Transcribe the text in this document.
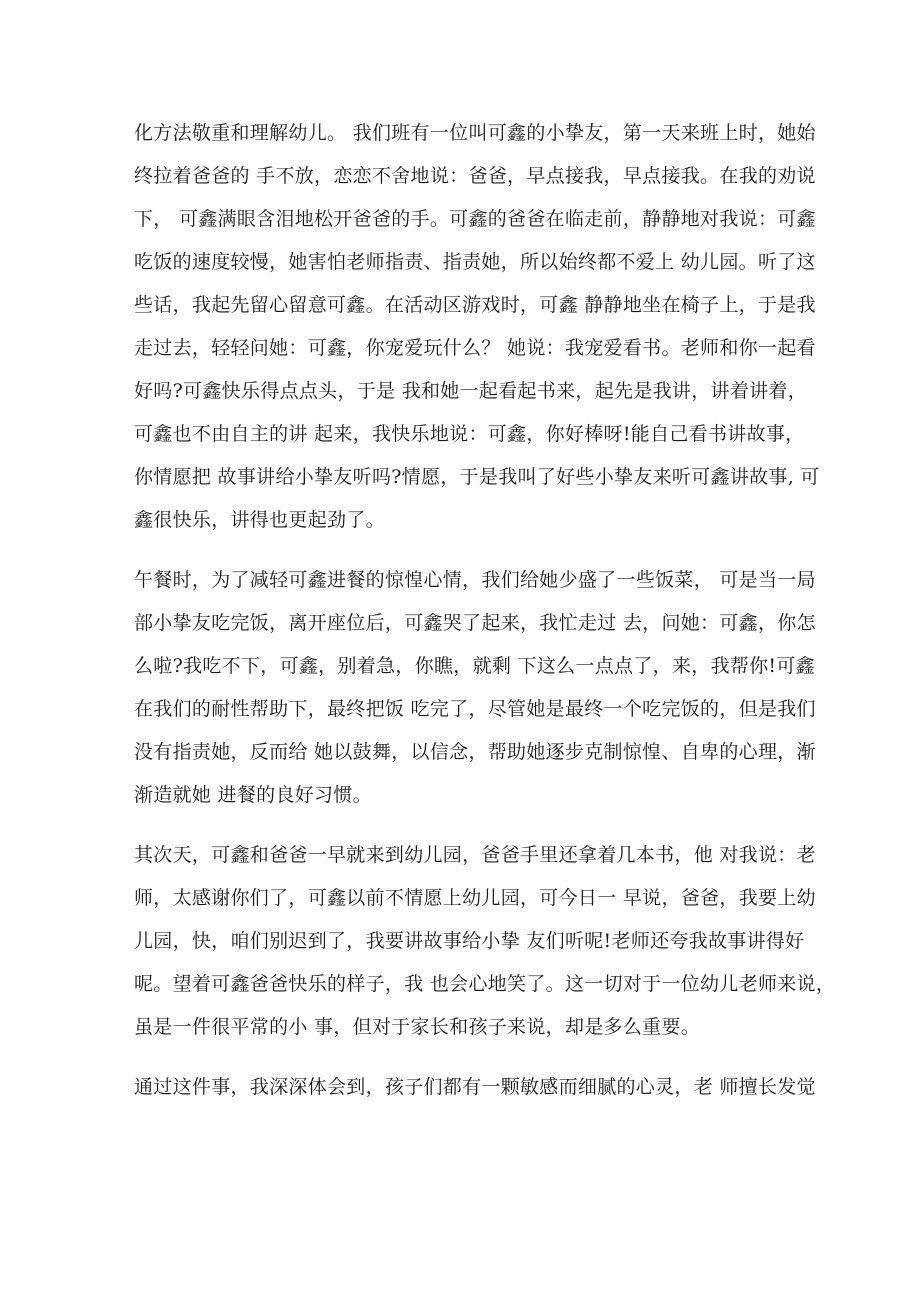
化方法敬重和理解幼儿。 我们班有一位叫可鑫的小挚友，第一天来班上时，她始
终拉着爸爸的 手不放，恋恋不舍地说：爸爸，早点接我，早点接我。在我的劝说
下， 可鑫满眼含泪地松开爸爸的手。可鑫的爸爸在临走前，静静地对我说：可鑫
吃饭的速度较慢，她害怕老师指责、指责她，所以始终都不爱上 幼儿园。听了这
些话，我起先留心留意可鑫。在活动区游戏时，可鑫 静静地坐在椅子上，于是我
走过去，轻轻问她：可鑫，你宠爱玩什么？ 她说：我宠爱看书。老师和你一起看
好吗?可鑫快乐得点点头，于是 我和她一起看起书来，起先是我讲，讲着讲着，
可鑫也不由自主的讲 起来，我快乐地说：可鑫，你好棒呀!能自己看书讲故事，
你情愿把 故事讲给小挚友听吗?情愿，于是我叫了好些小挚友来听可鑫讲故事, 可
鑫很快乐，讲得也更起劲了。
午餐时，为了减轻可鑫进餐的惊惶心情，我们给她少盛了一些饭菜， 可是当一局
部小挚友吃完饭，离开座位后，可鑫哭了起来，我忙走过 去，问她：可鑫，你怎
么啦?我吃不下，可鑫，别着急，你瞧，就剩 下这么一点点了，来，我帮你!可鑫
在我们的耐性帮助下，最终把饭 吃完了，尽管她是最终一个吃完饭的，但是我们
没有指责她，反而给 她以鼓舞，以信念，帮助她逐步克制惊惶、自卑的心理，渐
渐造就她 进餐的良好习惯。
其次天，可鑫和爸爸一早就来到幼儿园，爸爸手里还拿着几本书，他 对我说：老
师，太感谢你们了，可鑫以前不情愿上幼儿园，可今日一 早说，爸爸，我要上幼
儿园，快，咱们别迟到了，我要讲故事给小挚 友们听呢!老师还夸我故事讲得好
呢。望着可鑫爸爸快乐的样子，我 也会心地笑了。这一切对于一位幼儿老师来说，
虽是一件很平常的小 事，但对于家长和孩子来说，却是多么重要。
通过这件事，我深深体会到，孩子们都有一颗敏感而细腻的心灵，老 师擅长发觉
